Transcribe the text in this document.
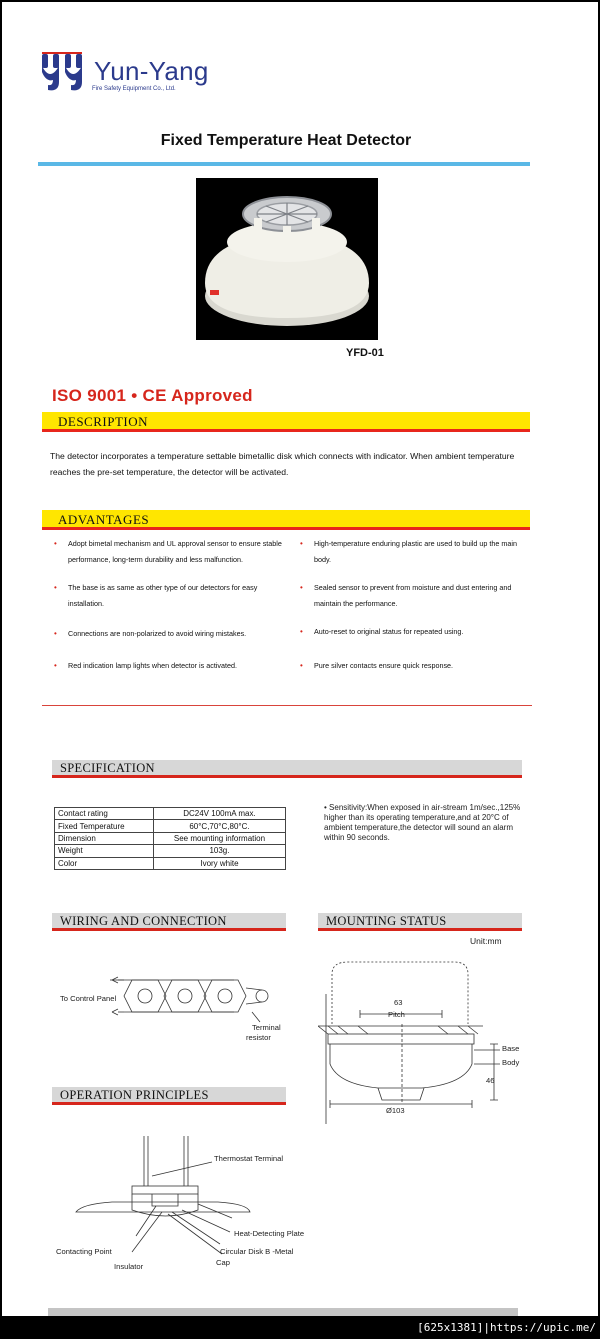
Yun-Yang
Fire Safety Equipment Co., Ltd.
Fixed Temperature Heat Detector
YFD-01
ISO 9001 • CE Approved
DESCRIPTION
The detector incorporates a temperature settable bimetallic disk which connects with indicator. When ambient temperature reaches the pre-set temperature, the detector will be activated.
ADVANTAGES
• Adopt bimetal mechanism and UL approval sensor to ensure stable performance, long-term durability and less malfunction.
• The base is as same as other type of our detectors for easy installation.
• Connections are non-polarized to avoid wiring mistakes.
• Red indication lamp lights when detector is activated.
• High-temperature enduring plastic are used to build up the main body.
• Sealed sensor to prevent from moisture and dust entering and maintain the performance.
• Auto-reset to original status for repeated using.
• Pure silver contacts ensure quick response.
SPECIFICATION
Contact rating	DC24V 100mA max.
Fixed Temperature	60°C,70°C,80°C.
Dimension	See mounting information
Weight	103g.
Color	Ivory white
• Sensitivity:When exposed in air-stream 1m/sec.,125% higher than its operating temperature,and at 20°C of ambient temperature,the detector will sound an alarm within 90 seconds.
WIRING AND CONNECTION
To Control Panel
Terminal
resistor
MOUNTING STATUS
Unit:mm
63
Pitch
Base
Body
46
Ø103
OPERATION PRINCIPLES
Thermostat Terminal
Heat-Detecting Plate
Contacting Point	Circular Disk B -Metal
Cap
Insulator
[625x1381]|https://upic.me/
